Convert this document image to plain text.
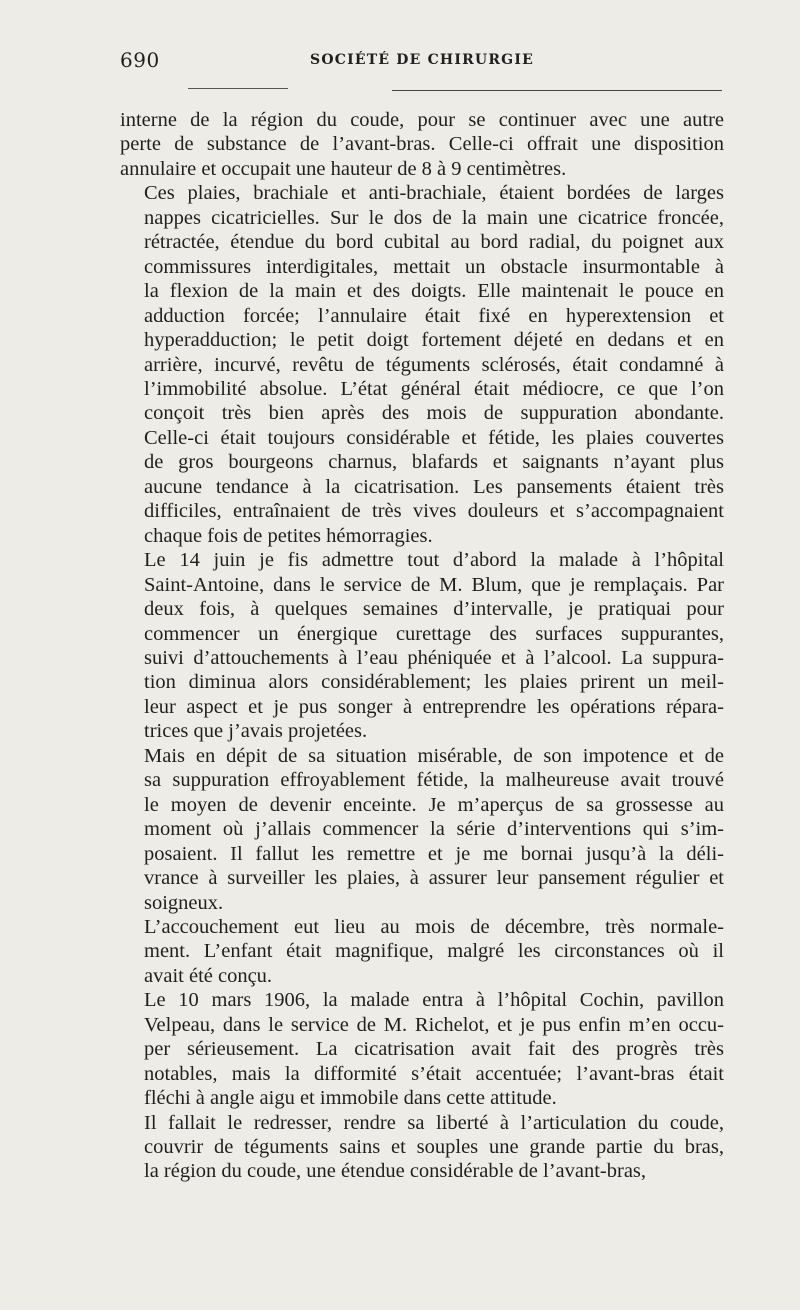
690	SOCIÉTÉ DE CHIRURGIE

interne de la région du coude, pour se continuer avec une autre
perte de substance de l’avant-bras. Celle-ci offrait une disposition
annulaire et occupait une hauteur de 8 à 9 centimètres.

Ces plaies, brachiale et anti-brachiale, étaient bordées de larges
nappes cicatricielles. Sur le dos de la main une cicatrice froncée,
rétractée, étendue du bord cubital au bord radial, du poignet aux
commissures interdigitales, mettait un obstacle insurmontable à
la flexion de la main et des doigts. Elle maintenait le pouce en
adduction forcée; l’annulaire était fixé en hyperextension et
hyperadduction; le petit doigt fortement déjeté en dedans et en
arrière, incurvé, revêtu de téguments sclérosés, était condamné à
l’immobilité absolue. L’état général était médiocre, ce que l’on
conçoit très bien après des mois de suppuration abondante.
Celle-ci était toujours considérable et fétide, les plaies couvertes
de gros bourgeons charnus, blafards et saignants n’ayant plus
aucune tendance à la cicatrisation. Les pansements étaient très
difficiles, entraînaient de très vives douleurs et s’accompagnaient
chaque fois de petites hémorragies.

Le 14 juin je fis admettre tout d’abord la malade à l’hôpital
Saint-Antoine, dans le service de M. Blum, que je remplaçais. Par
deux fois, à quelques semaines d’intervalle, je pratiquai pour
commencer un énergique curettage des surfaces suppurantes,
suivi d’attouchements à l’eau phéniquée et à l’alcool. La suppura-
tion diminua alors considérablement; les plaies prirent un meil-
leur aspect et je pus songer à entreprendre les opérations répara-
trices que j’avais projetées.

Mais en dépit de sa situation misérable, de son impotence et de
sa suppuration effroyablement fétide, la malheureuse avait trouvé
le moyen de devenir enceinte. Je m’aperçus de sa grossesse au
moment où j’allais commencer la série d’interventions qui s’im-
posaient. Il fallut les remettre et je me bornai jusqu’à la déli-
vrance à surveiller les plaies, à assurer leur pansement régulier et
soigneux.

L’accouchement eut lieu au mois de décembre, très normale-
ment. L’enfant était magnifique, malgré les circonstances où il
avait été conçu.

Le 10 mars 1906, la malade entra à l’hôpital Cochin, pavillon
Velpeau, dans le service de M. Richelot, et je pus enfin m’en occu-
per sérieusement. La cicatrisation avait fait des progrès très
notables, mais la difformité s’était accentuée; l’avant-bras était
fléchi à angle aigu et immobile dans cette attitude.

Il fallait le redresser, rendre sa liberté à l’articulation du coude,
couvrir de téguments sains et souples une grande partie du bras,
la région du coude, une étendue considérable de l’avant-bras,
